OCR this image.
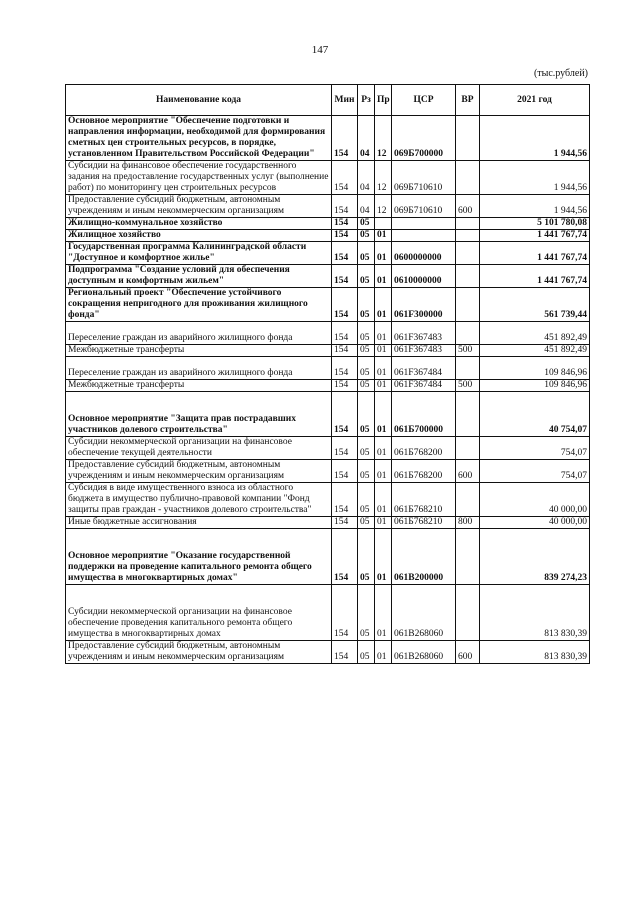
147
(тыс.рублей)
Наименование кода	Мин	Рз	Пр	ЦСР	ВР	2021 год
Основное мероприятие "Обеспечение подготовки и направления информации, необходимой для формирования сметных цен строительных ресурсов, в порядке, установленном Правительством Российской Федерации"	154	04	12	069Б700000		1 944,56
Субсидии на финансовое обеспечение государственного задания на предоставление государственных услуг (выполнение работ) по мониторингу цен строительных ресурсов	154	04	12	069Б710610		1 944,56
Предоставление субсидий бюджетным, автономным учреждениям и иным некоммерческим организациям	154	04	12	069Б710610	600	1 944,56
Жилищно-коммунальное хозяйство	154	05				5 101 780,08
Жилищное хозяйство	154	05	01			1 441 767,74
Государственная программа Калининградской области "Доступное и комфортное жилье"	154	05	01	0600000000		1 441 767,74
Подпрограмма "Создание условий для обеспечения доступным и комфортным жильем"	154	05	01	0610000000		1 441 767,74
Региональный проект "Обеспечение устойчивого сокращения непригодного для проживания жилищного фонда"	154	05	01	061F300000		561 739,44
Переселение граждан из аварийного жилищного фонда	154	05	01	061F367483		451 892,49
Межбюджетные трансферты	154	05	01	061F367483	500	451 892,49
Переселение граждан из аварийного жилищного фонда	154	05	01	061F367484		109 846,96
Межбюджетные трансферты	154	05	01	061F367484	500	109 846,96
Основное мероприятие "Защита прав пострадавших участников долевого строительства"	154	05	01	061Б700000		40 754,07
Субсидии некоммерческой организации на финансовое обеспечение текущей деятельности	154	05	01	061Б768200		754,07
Предоставление субсидий бюджетным, автономным учреждениям и иным некоммерческим организациям	154	05	01	061Б768200	600	754,07
Субсидия в виде имущественного взноса из областного бюджета в имущество публично-правовой компании "Фонд защиты прав граждан - участников долевого строительства"	154	05	01	061Б768210		40 000,00
Иные бюджетные ассигнования	154	05	01	061Б768210	800	40 000,00
Основное мероприятие "Оказание государственной поддержки на проведение капитального ремонта общего имущества в многоквартирных домах"	154	05	01	061В200000		839 274,23
Субсидии некоммерческой организации на финансовое обеспечение проведения капитального ремонта общего имущества в многоквартирных домах	154	05	01	061В268060		813 830,39
Предоставление субсидий бюджетным, автономным учреждениям и иным некоммерческим организациям	154	05	01	061В268060	600	813 830,39
